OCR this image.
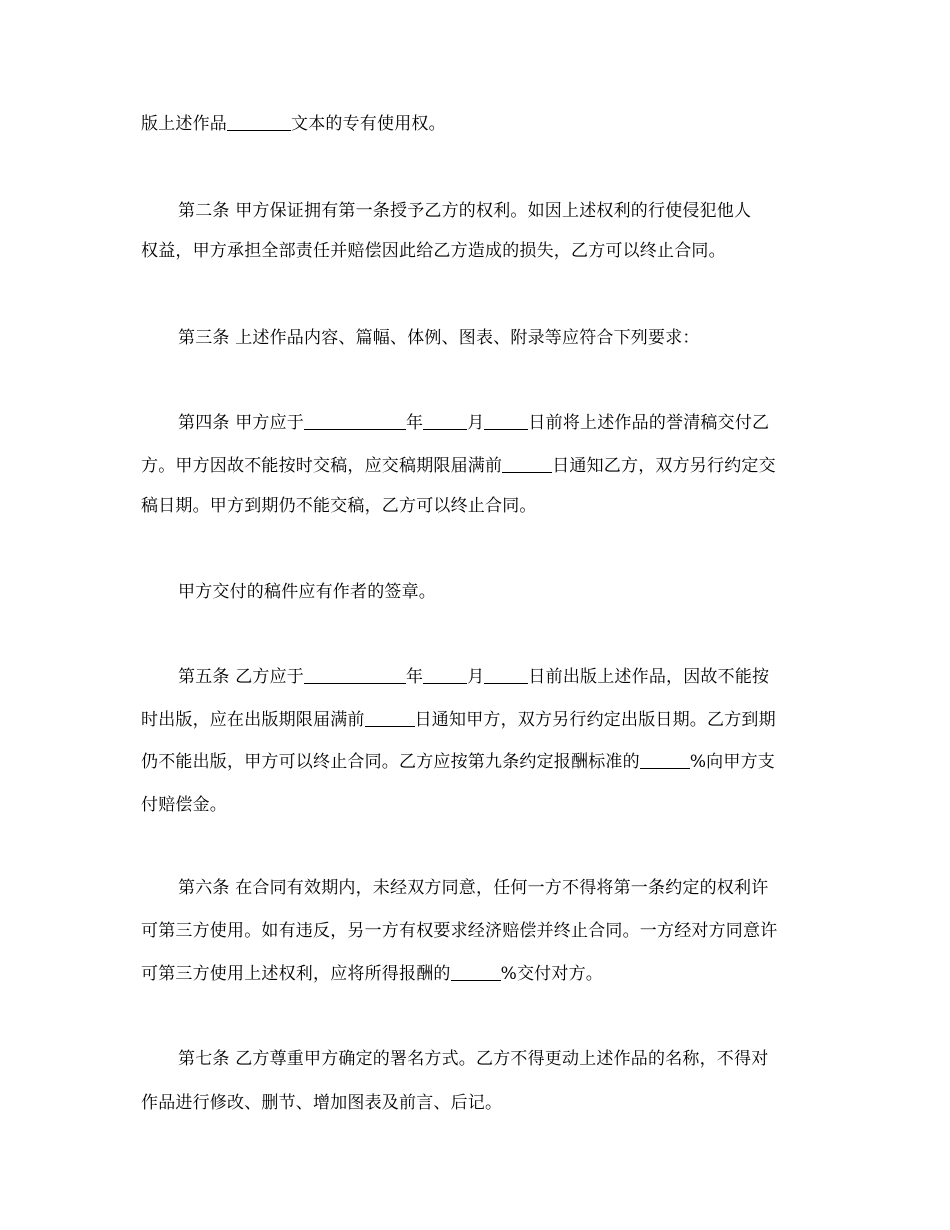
版上述作品	文本的专有使用权。
第二条 甲方保证拥有第一条授予乙方的权利。如因上述权利的行使侵犯他人
权益，甲方承担全部责任并赔偿因此给乙方造成的损失，乙方可以终止合同。
第三条 上述作品内容、篇幅、体例、图表、附录等应符合下列要求：
第四条 甲方应于	年	月	日前将上述作品的誉清稿交付乙
方。甲方因故不能按时交稿，应交稿期限届满前	日通知乙方，双方另行约定交
稿日期。甲方到期仍不能交稿，乙方可以终止合同。
甲方交付的稿件应有作者的签章。
第五条 乙方应于	年	月	日前出版上述作品，因故不能按
时出版，应在出版期限届满前	日通知甲方，双方另行约定出版日期。乙方到期
仍不能出版，甲方可以终止合同。乙方应按第九条约定报酬标准的	%向甲方支
付赔偿金。
第六条 在合同有效期内，未经双方同意，任何一方不得将第一条约定的权利许
可第三方使用。如有违反，另一方有权要求经济赔偿并终止合同。一方经对方同意许
可第三方使用上述权利，应将所得报酬的	%交付对方。
第七条 乙方尊重甲方确定的署名方式。乙方不得更动上述作品的名称，不得对
作品进行修改、删节、增加图表及前言、后记。
